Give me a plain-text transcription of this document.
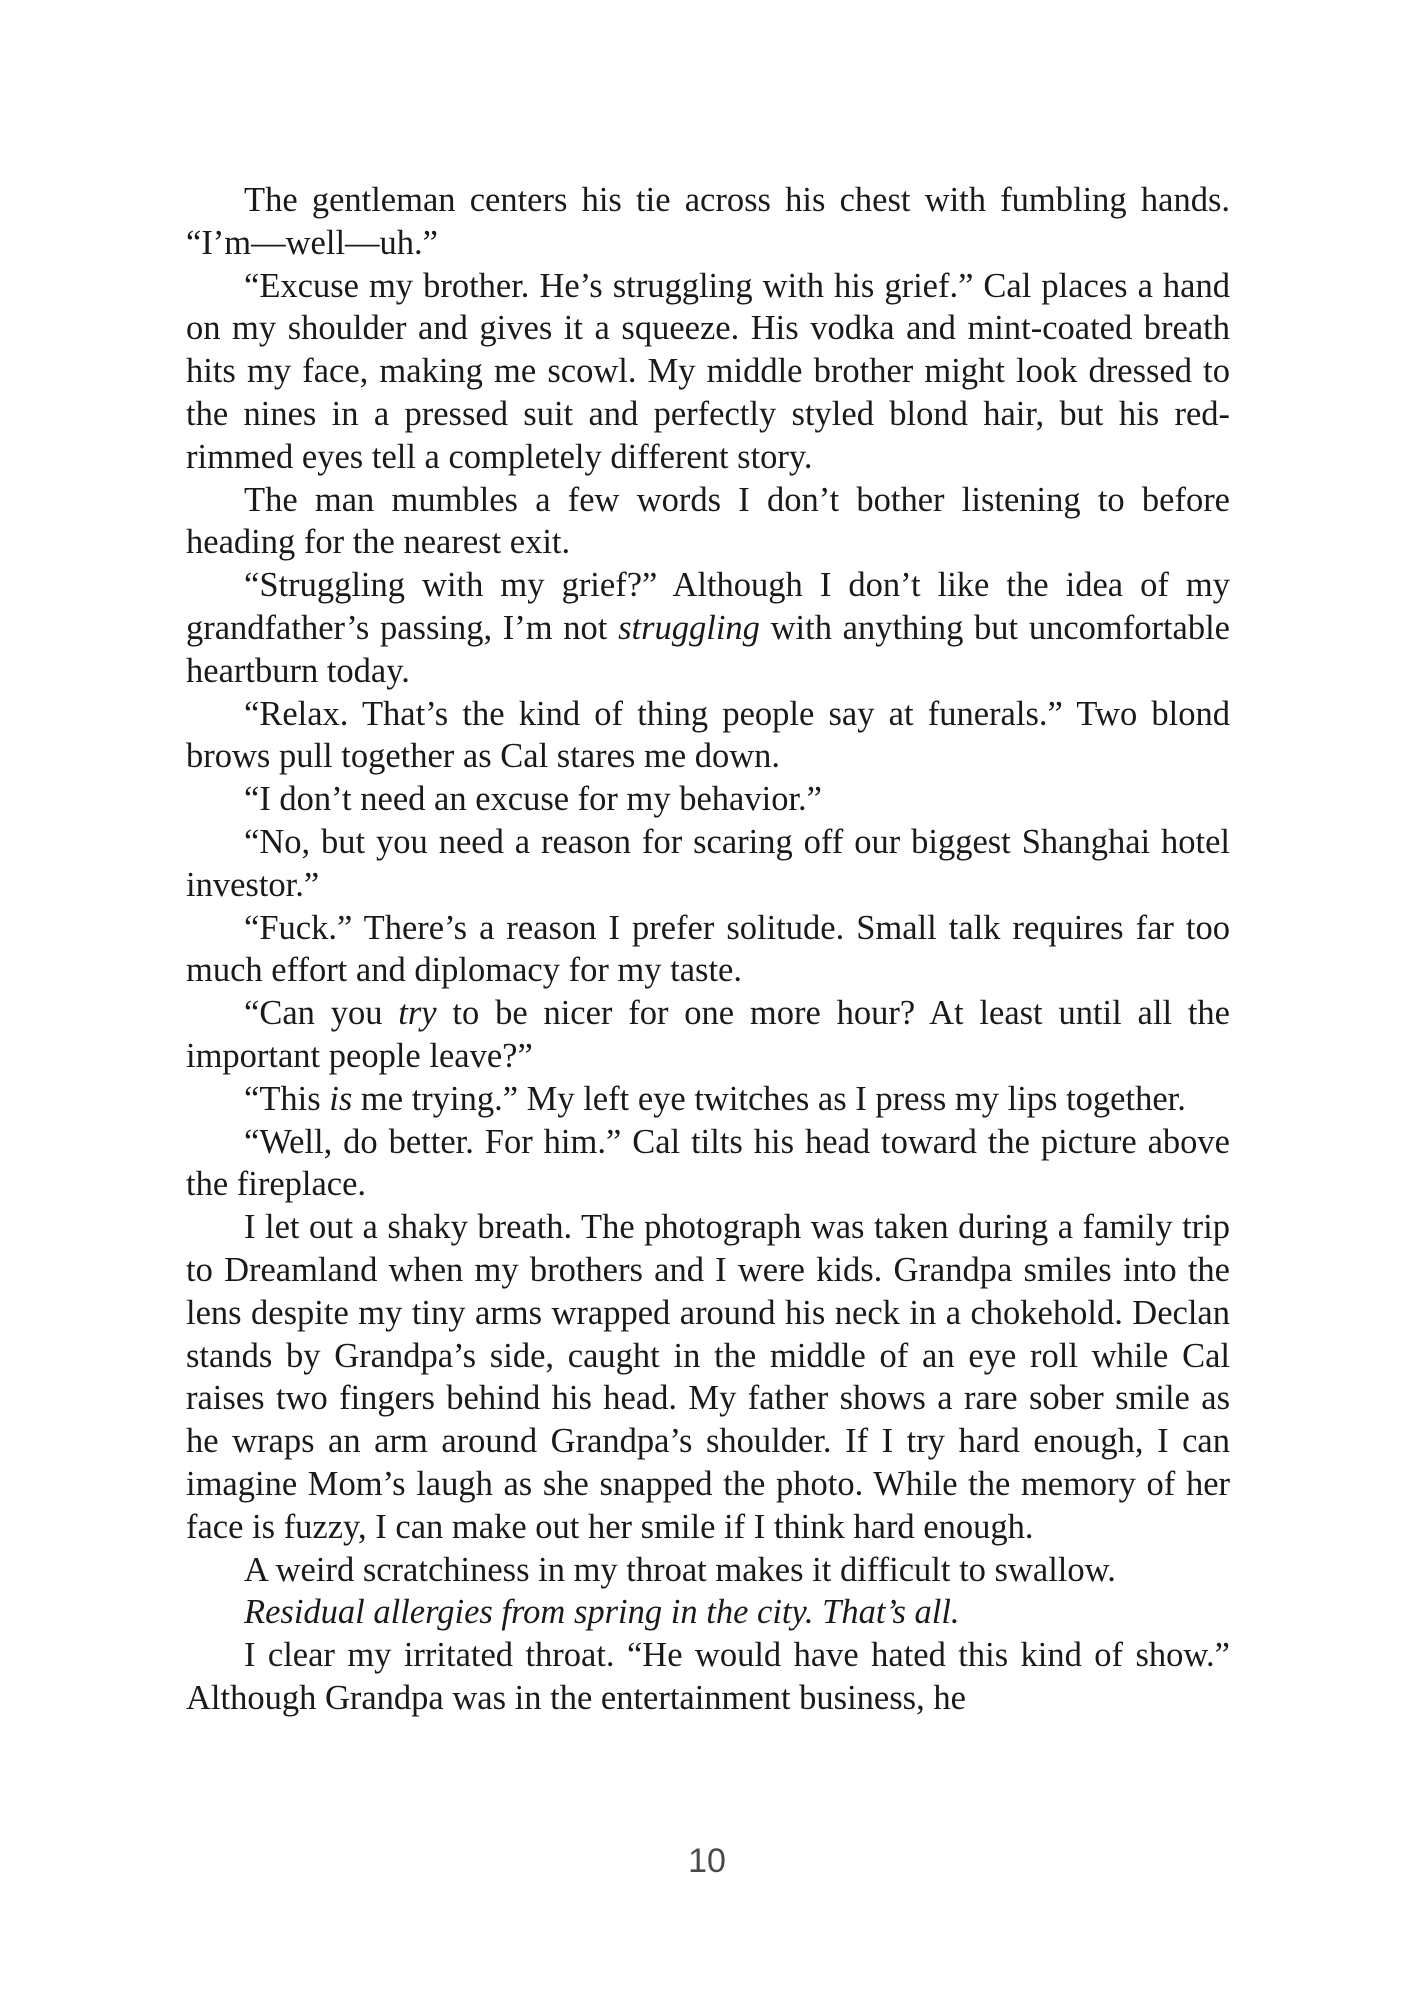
The gentleman centers his tie across his chest with fumbling hands. “I’m—well—uh.”

“Excuse my brother. He’s struggling with his grief.” Cal places a hand on my shoulder and gives it a squeeze. His vodka and mint-coated breath hits my face, making me scowl. My middle brother might look dressed to the nines in a pressed suit and perfectly styled blond hair, but his red-rimmed eyes tell a completely different story.

The man mumbles a few words I don’t bother listening to before heading for the nearest exit.

“Struggling with my grief?” Although I don’t like the idea of my grandfather’s passing, I’m not struggling with anything but uncomfortable heartburn today.

“Relax. That’s the kind of thing people say at funerals.” Two blond brows pull together as Cal stares me down.

“I don’t need an excuse for my behavior.”

“No, but you need a reason for scaring off our biggest Shanghai hotel investor.”

“Fuck.” There’s a reason I prefer solitude. Small talk requires far too much effort and diplomacy for my taste.

“Can you try to be nicer for one more hour? At least until all the important people leave?”

“This is me trying.” My left eye twitches as I press my lips together.

“Well, do better. For him.” Cal tilts his head toward the picture above the fireplace.

I let out a shaky breath. The photograph was taken during a family trip to Dreamland when my brothers and I were kids. Grandpa smiles into the lens despite my tiny arms wrapped around his neck in a chokehold. Declan stands by Grandpa’s side, caught in the middle of an eye roll while Cal raises two fingers behind his head. My father shows a rare sober smile as he wraps an arm around Grandpa’s shoulder. If I try hard enough, I can imagine Mom’s laugh as she snapped the photo. While the memory of her face is fuzzy, I can make out her smile if I think hard enough.

A weird scratchiness in my throat makes it difficult to swallow.

Residual allergies from spring in the city. That’s all.

I clear my irritated throat. “He would have hated this kind of show.” Although Grandpa was in the entertainment business, he

10
